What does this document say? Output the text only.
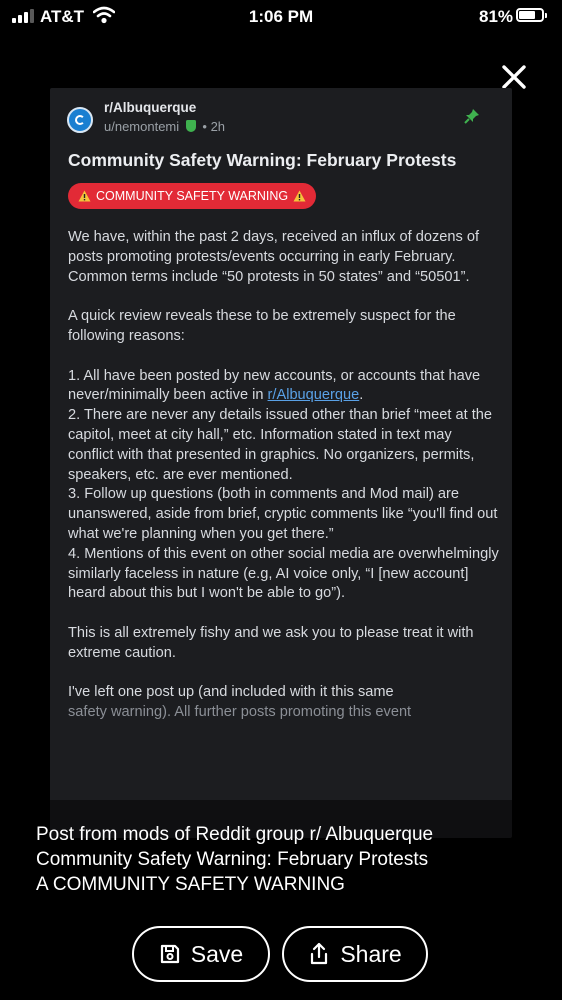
AT&T	1:06 PM	81%
r/Albuquerque
u/nemontemi • 2h
Community Safety Warning: February Protests
COMMUNITY SAFETY WARNING

We have, within the past 2 days, received an influx of dozens of posts promoting protests/events occurring in early February. Common terms include “50 protests in 50 states” and “50501”.

A quick review reveals these to be extremely suspect for the following reasons:

1. All have been posted by new accounts, or accounts that have never/minimally been active in r/Albuquerque.
2. There are never any details issued other than brief “meet at the capitol, meet at city hall,” etc. Information stated in text may conflict with that presented in graphics. No organizers, permits, speakers, etc. are ever mentioned.
3. Follow up questions (both in comments and Mod mail) are unanswered, aside from brief, cryptic comments like “you'll find out what we're planning when you get there.”
4. Mentions of this event on other social media are overwhelmingly similarly faceless in nature (e.g, AI voice only, “I [new account] heard about this but I won't be able to go”).

This is all extremely fishy and we ask you to please treat it with extreme caution.

I've left one post up (and included with it this same
safety warning). All further posts promoting this event

Post from mods of Reddit group r/ Albuquerque
Community Safety Warning: February Protests
A COMMUNITY SAFETY WARNING
Save	Share
